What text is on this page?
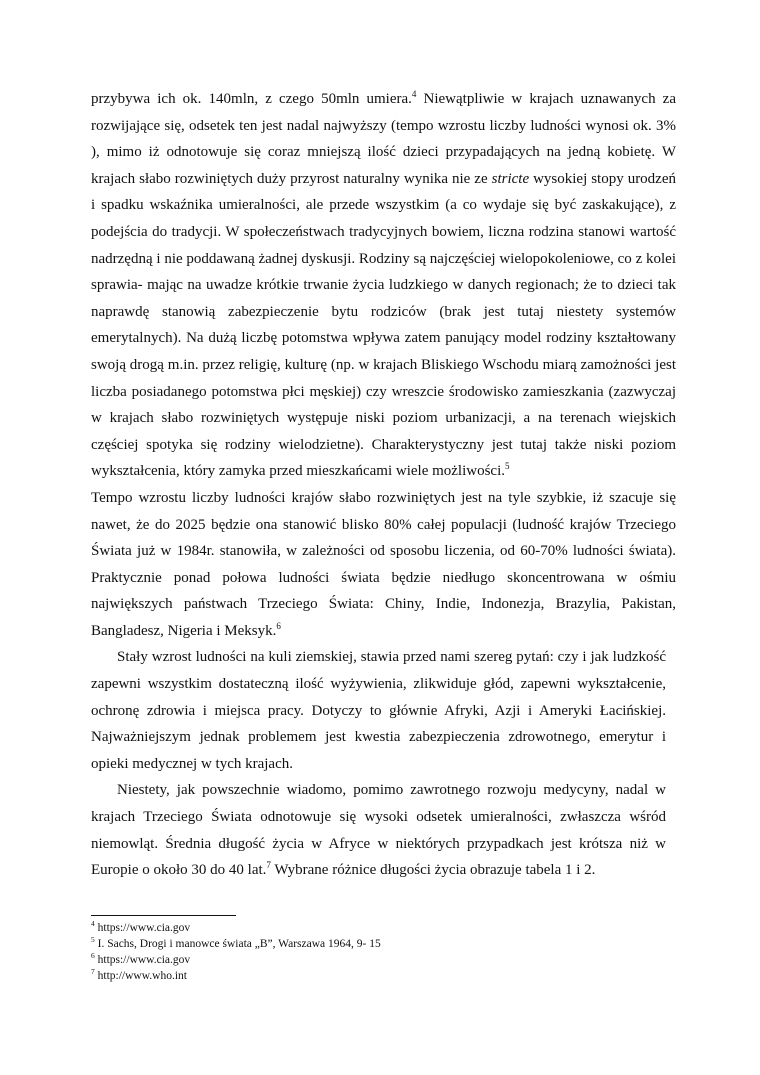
przybywa ich ok. 140mln, z czego 50mln umiera.$^4$ Niewątpliwie w krajach uznawanych za rozwijające się, odsetek ten jest nadal najwyższy (tempo wzrostu liczby ludności wynosi ok. 3% ), mimo iż odnotowuje się coraz mniejszą ilość dzieci przypadających na jedną kobietę. W krajach słabo rozwiniętych duży przyrost naturalny wynika nie ze stricte wysokiej stopy urodzeń i spadku wskaźnika umieralności, ale przede wszystkim (a co wydaje się być zaskakujące), z podejścia do tradycji. W społeczeństwach tradycyjnych bowiem, liczna rodzina stanowi wartość nadrzędną i nie poddawaną żadnej dyskusji. Rodziny są najczęściej wielopokoleniowe, co z kolei sprawia- mając na uwadze krótkie trwanie życia ludzkiego w danych regionach; że to dzieci tak naprawdę stanowią zabezpieczenie bytu rodziców (brak jest tutaj niestety systemów emerytalnych). Na dużą liczbę potomstwa wpływa zatem panujący model rodziny kształtowany swoją drogą m.in. przez religię, kulturę (np. w krajach Bliskiego Wschodu miarą zamożności jest liczba posiadanego potomstwa płci męskiej) czy wreszcie środowisko zamieszkania (zazwyczaj w krajach słabo rozwiniętych występuje niski poziom urbanizacji, a na terenach wiejskich częściej spotyka się rodziny wielodzietne). Charakterystyczny jest tutaj także niski poziom wykształcenia, który zamyka przed mieszkańcami wiele możliwości.$^5$

Tempo wzrostu liczby ludności krajów słabo rozwiniętych jest na tyle szybkie, iż szacuje się nawet, że do 2025 będzie ona stanowić blisko 80% całej populacji (ludność krajów Trzeciego Świata już w 1984r. stanowiła, w zależności od sposobu liczenia, od 60-70% ludności świata). Praktycznie ponad połowa ludności świata będzie niedługo skoncentrowana w ośmiu największych państwach Trzeciego Świata: Chiny, Indie, Indonezja, Brazylia, Pakistan, Bangladesz, Nigeria i Meksyk.$^6$

Stały wzrost ludności na kuli ziemskiej, stawia przed nami szereg pytań: czy i jak ludzkość zapewni wszystkim dostateczną ilość wyżywienia, zlikwiduje głód, zapewni wykształcenie, ochronę zdrowia i miejsca pracy. Dotyczy to głównie Afryki, Azji i Ameryki Łacińskiej. Najważniejszym jednak problemem jest kwestia zabezpieczenia zdrowotnego, emerytur i opieki medycznej w tych krajach.

Niestety, jak powszechnie wiadomo, pomimo zawrotnego rozwoju medycyny, nadal w krajach Trzeciego Świata odnotowuje się wysoki odsetek umieralności, zwłaszcza wśród niemowląt. Średnia długość życia w Afryce w niektórych przypadkach jest krótsza niż w Europie o około 30 do 40 lat.$^7$ Wybrane różnice długości życia obrazuje tabela 1 i 2.

$^4$ https://www.cia.gov
$^5$ I. Sachs, Drogi i manowce świata „B”, Warszawa 1964, 9- 15
$^6$ https://www.cia.gov
$^7$ http://www.who.int
